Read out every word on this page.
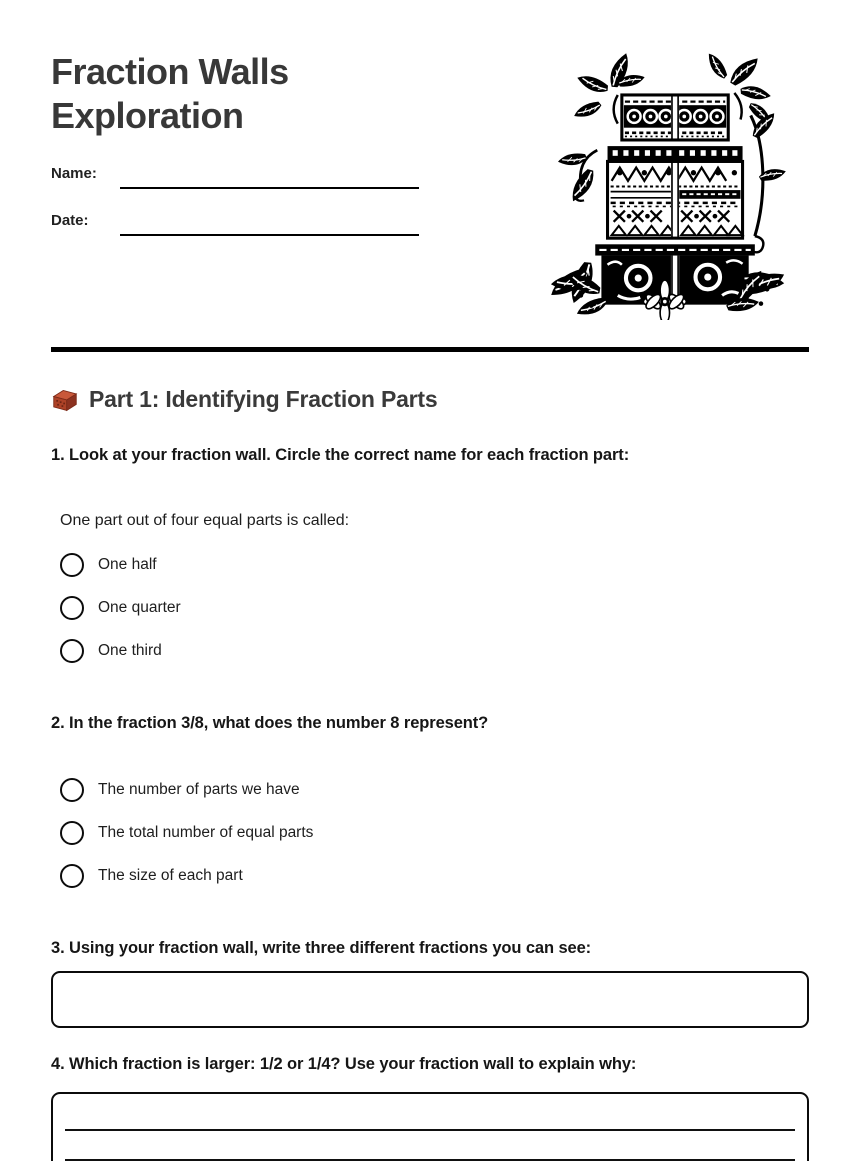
Fraction Walls Exploration
Name:
Date:
Part 1: Identifying Fraction Parts
1. Look at your fraction wall. Circle the correct name for each fraction part:

One part out of four equal parts is called:

One half
One quarter
One third
2. In the fraction 3/8, what does the number 8 represent?
The number of parts we have
The total number of equal parts
The size of each part
3. Using your fraction wall, write three different fractions you can see:
4. Which fraction is larger: 1/2 or 1/4? Use your fraction wall to explain why:
